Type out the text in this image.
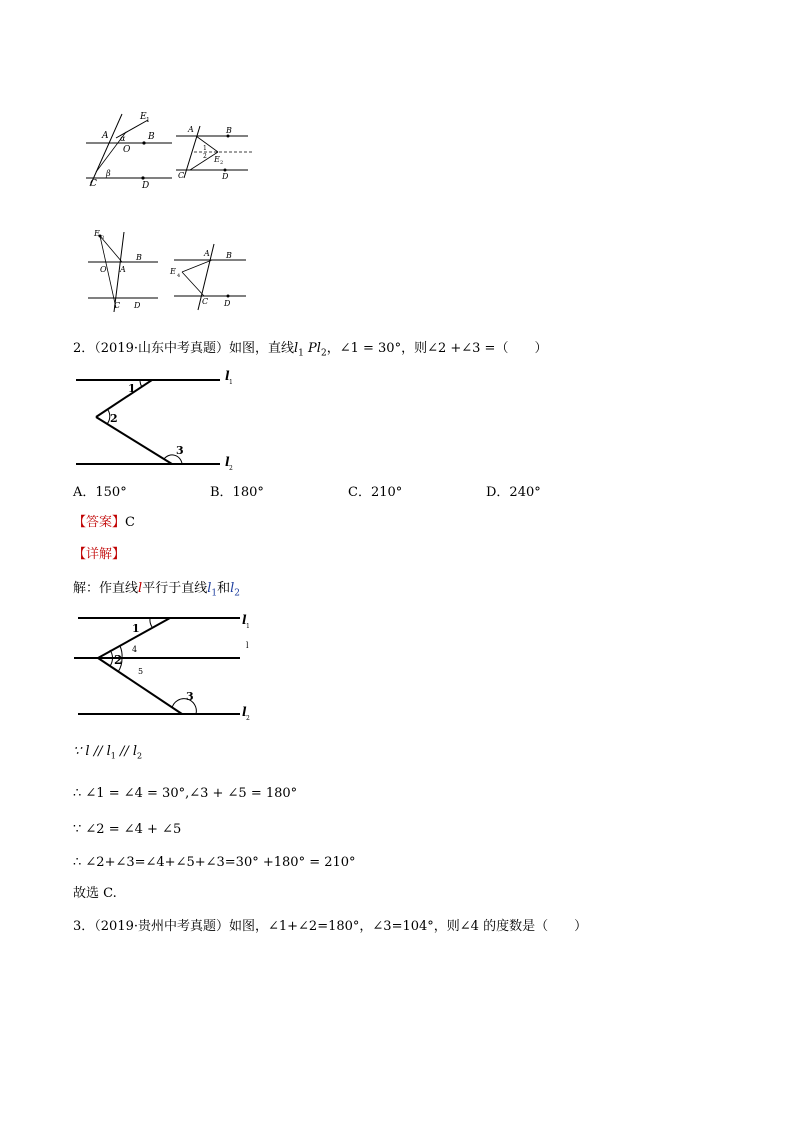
A	B
C	D
O
E 1
α
β
A	B
C	D
E 2
1
2
E 3
O A
B
C D
A B
E 4
C D
2．（2019·山东中考真题）如图，直线$l_1$ $Pl_2$，∠1 = 30°，则∠2 +∠3 =（　　）
1
2
3
l 1
l 2
A．150°	B．180°	C．210°	D．240°
【答案】C
【详解】
解：作直线l平行于直线$l_1$和$l_2$
1
2
4
5
3
l 1
l
l 2
∵ l // $l_1 // l_2$
∴ ∠1 = ∠4 = 30°,∠3 + ∠5 = 180°
∵ ∠2 = ∠4 + ∠5
∴ ∠2+∠3=∠4+∠5+∠3=30° +180° = 210°
故选 C.
3．（2019·贵州中考真题）如图，∠1+∠2=180°，∠3=104°，则∠4 的度数是（　　）
